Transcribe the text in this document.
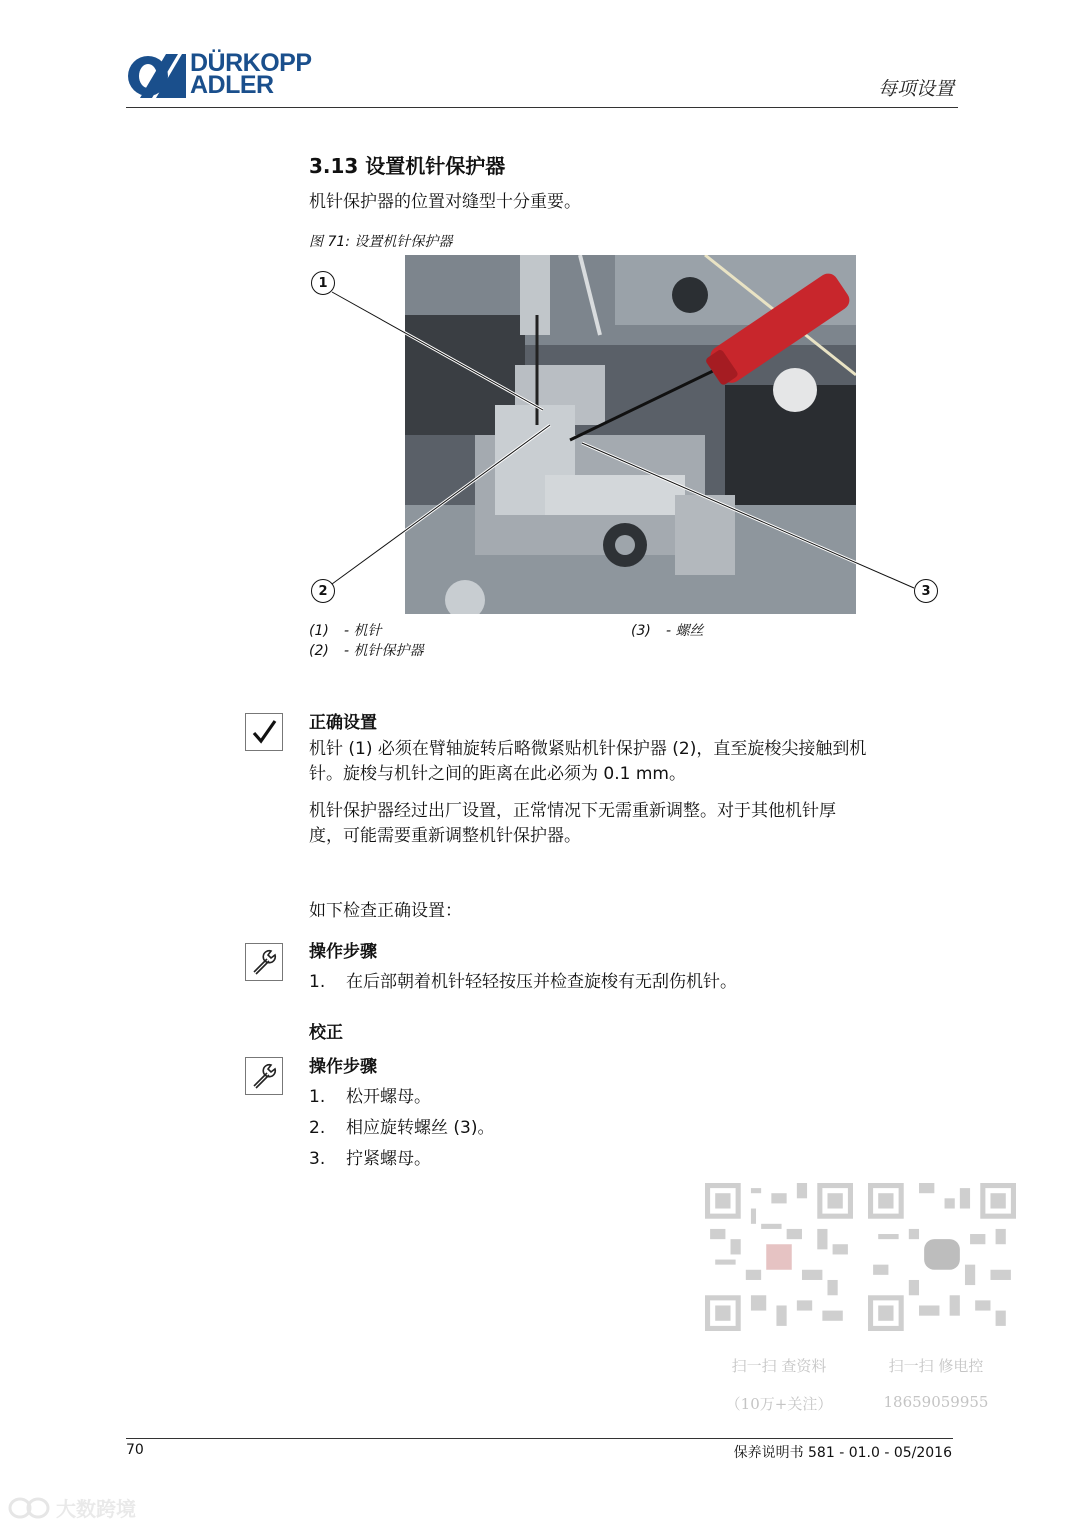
DÜRKOPP
ADLER	每项设置
3.13 设置机针保护器
机针保护器的位置对缝型十分重要。
图 71: 设置机针保护器
1
2	3
(1) - 机针
(2) - 机针保护器
(3) - 螺丝
正确设置
机针 (1) 必须在臂轴旋转后略微紧贴机针保护器 (2)，直至旋梭尖接触到机
针。旋梭与机针之间的距离在此必须为 0.1 mm。
机针保护器经过出厂设置，正常情况下无需重新调整。对于其他机针厚
度，可能需要重新调整机针保护器。
如下检查正确设置：
操作步骤
1. 在后部朝着机针轻轻按压并检查旋梭有无刮伤机针。
校正
操作步骤
1. 松开螺母。
2. 相应旋转螺丝 (3)。
3. 拧紧螺母。
扫一扫 查资料
（10万+关注）
扫一扫 修电控
18659059955
70	保养说明书 581 - 01.0 - 05/2016
大数跨境
